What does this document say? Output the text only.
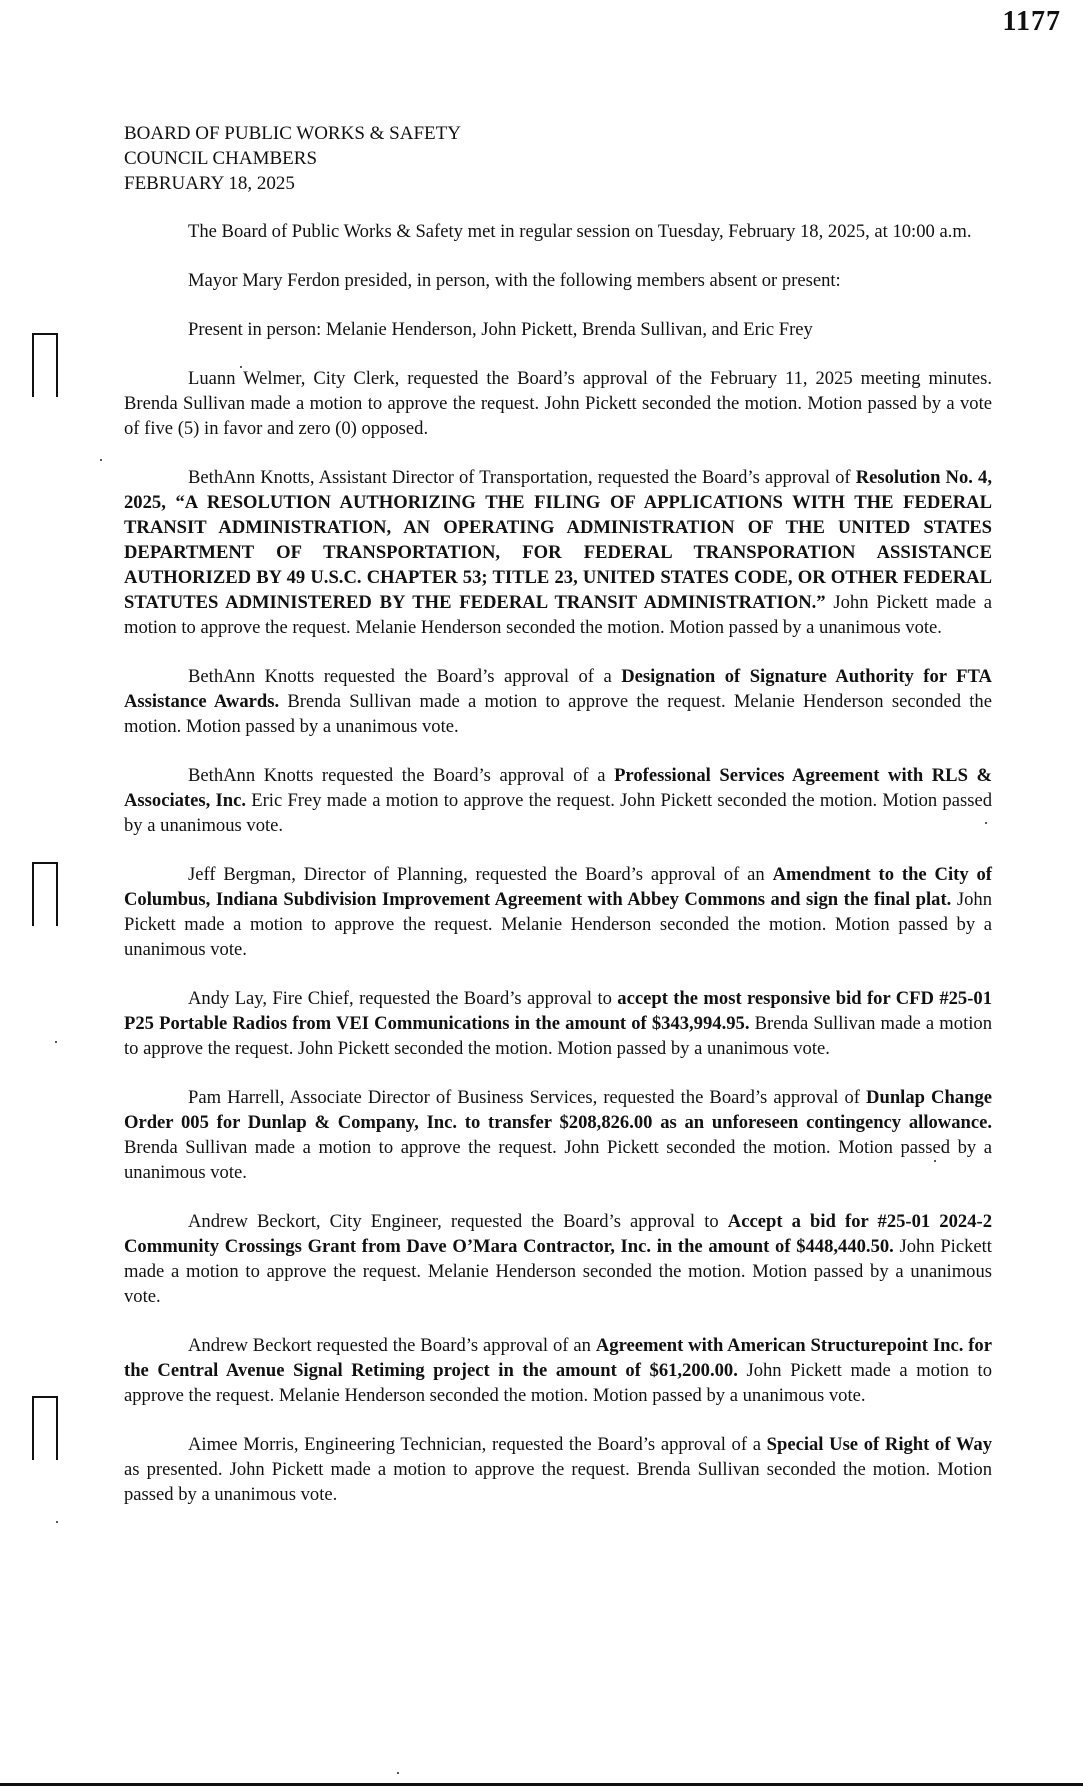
1177
BOARD OF PUBLIC WORKS & SAFETY
COUNCIL CHAMBERS
FEBRUARY 18, 2025

The Board of Public Works & Safety met in regular session on Tuesday, February 18, 2025, at 10:00 a.m.

Mayor Mary Ferdon presided, in person, with the following members absent or present:

Present in person: Melanie Henderson, John Pickett, Brenda Sullivan, and Eric Frey

Luann Welmer, City Clerk, requested the Board’s approval of the February 11, 2025 meeting minutes. Brenda Sullivan made a motion to approve the request. John Pickett seconded the motion. Motion passed by a vote of five (5) in favor and zero (0) opposed.

BethAnn Knotts, Assistant Director of Transportation, requested the Board’s approval of Resolution No. 4, 2025, “A RESOLUTION AUTHORIZING THE FILING OF APPLICATIONS WITH THE FEDERAL TRANSIT ADMINISTRATION, AN OPERATING ADMINISTRATION OF THE UNITED STATES DEPARTMENT OF TRANSPORTATION, FOR FEDERAL TRANSPORATION ASSISTANCE AUTHORIZED BY 49 U.S.C. CHAPTER 53; TITLE 23, UNITED STATES CODE, OR OTHER FEDERAL STATUTES ADMINISTERED BY THE FEDERAL TRANSIT ADMINISTRATION.” John Pickett made a motion to approve the request. Melanie Henderson seconded the motion. Motion passed by a unanimous vote.

BethAnn Knotts requested the Board’s approval of a Designation of Signature Authority for FTA Assistance Awards. Brenda Sullivan made a motion to approve the request. Melanie Henderson seconded the motion. Motion passed by a unanimous vote.

BethAnn Knotts requested the Board’s approval of a Professional Services Agreement with RLS & Associates, Inc. Eric Frey made a motion to approve the request. John Pickett seconded the motion. Motion passed by a unanimous vote.

Jeff Bergman, Director of Planning, requested the Board’s approval of an Amendment to the City of Columbus, Indiana Subdivision Improvement Agreement with Abbey Commons and sign the final plat. John Pickett made a motion to approve the request. Melanie Henderson seconded the motion. Motion passed by a unanimous vote.

Andy Lay, Fire Chief, requested the Board’s approval to accept the most responsive bid for CFD #25-01 P25 Portable Radios from VEI Communications in the amount of $343,994.95. Brenda Sullivan made a motion to approve the request. John Pickett seconded the motion. Motion passed by a unanimous vote.

Pam Harrell, Associate Director of Business Services, requested the Board’s approval of Dunlap Change Order 005 for Dunlap & Company, Inc. to transfer $208,826.00 as an unforeseen contingency allowance. Brenda Sullivan made a motion to approve the request. John Pickett seconded the motion. Motion passed by a unanimous vote.

Andrew Beckort, City Engineer, requested the Board’s approval to Accept a bid for #25-01 2024-2 Community Crossings Grant from Dave O’Mara Contractor, Inc. in the amount of $448,440.50. John Pickett made a motion to approve the request. Melanie Henderson seconded the motion. Motion passed by a unanimous vote.

Andrew Beckort requested the Board’s approval of an Agreement with American Structurepoint Inc. for the Central Avenue Signal Retiming project in the amount of $61,200.00. John Pickett made a motion to approve the request. Melanie Henderson seconded the motion. Motion passed by a unanimous vote.

Aimee Morris, Engineering Technician, requested the Board’s approval of a Special Use of Right of Way as presented. John Pickett made a motion to approve the request. Brenda Sullivan seconded the motion. Motion passed by a unanimous vote.
